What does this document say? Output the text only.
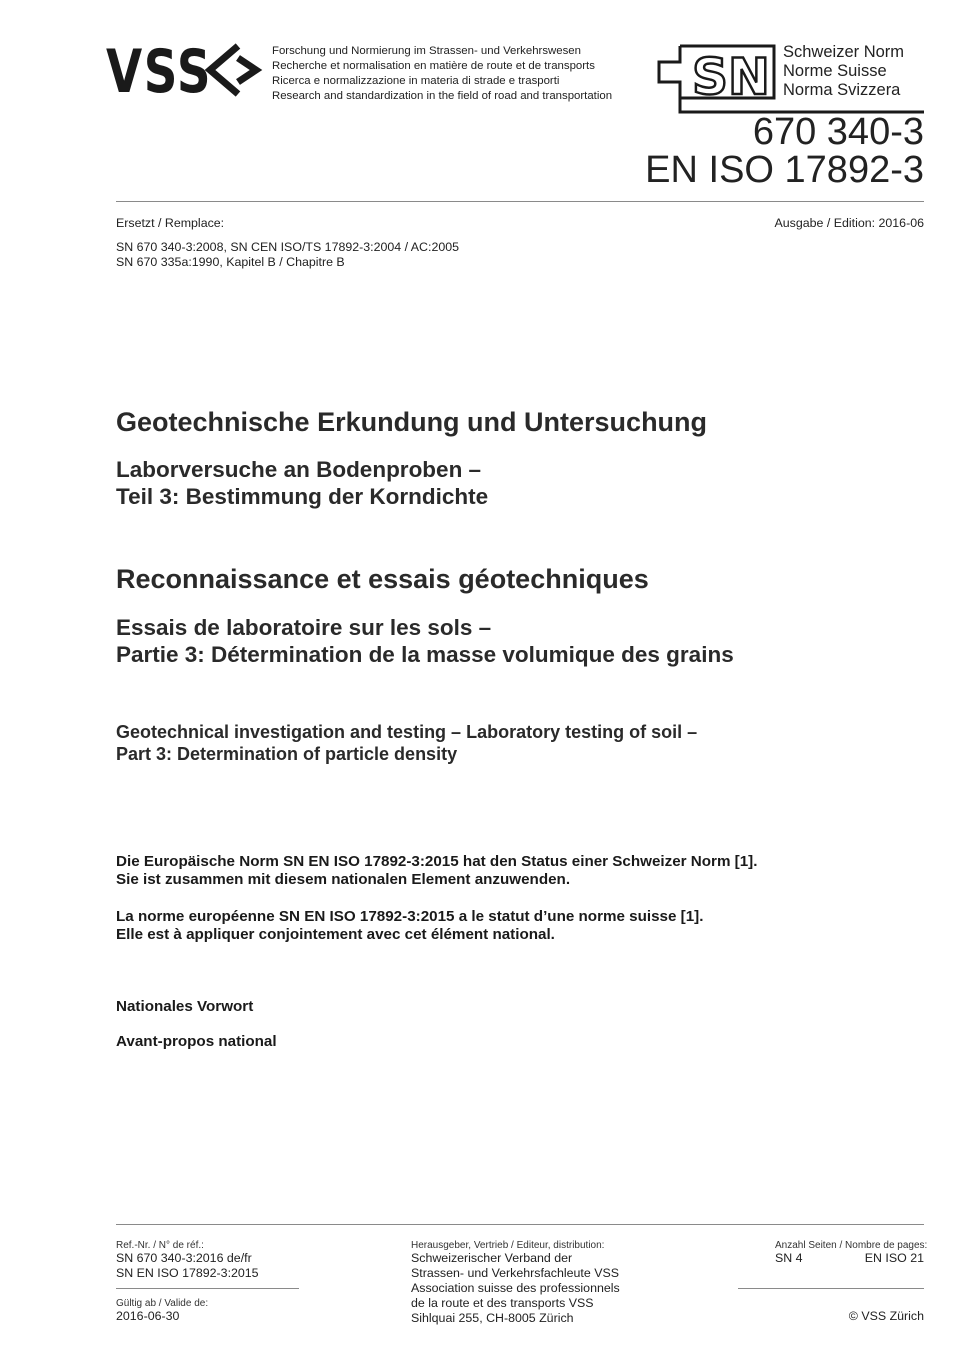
VSS	Forschung und Normierung im Strassen- und Verkehrswesen
Recherche et normalisation en matière de route et de transports
Ricerca e normalizzazione in materia di strade e trasporti
Research and standardization in the field of road and transportation SN Schweizer Norm
Norme Suisse
Norma Svizzera
670 340-3
EN ISO 17892-3
Ersetzt / Remplace:	Ausgabe / Edition: 2016-06
SN 670 340-3:2008, SN CEN ISO/TS 17892-3:2004 / AC:2005
SN 670 335a:1990, Kapitel B / Chapitre B
Geotechnische Erkundung und Untersuchung
Laborversuche an Bodenproben –
Teil 3: Bestimmung der Korndichte
Reconnaissance et essais géotechniques
Essais de laboratoire sur les sols –
Partie 3: Détermination de la masse volumique des grains
Geotechnical investigation and testing – Laboratory testing of soil –
Part 3: Determination of particle density
Die Europäische Norm SN EN ISO 17892-3:2015 hat den Status einer Schweizer Norm [1].
Sie ist zusammen mit diesem nationalen Element anzuwenden.
La norme européenne SN EN ISO 17892-3:2015 a le statut d’une norme suisse [1].
Elle est à appliquer conjointement avec cet élément national.
Nationales Vorwort
Avant-propos national
Ref.-Nr. / N° de réf.:
SN 670 340-3:2016 de/fr
SN EN ISO 17892-3:2015
Gültig ab / Valide de:
2016-06-30
Herausgeber, Vertrieb / Editeur, distribution:
Schweizerischer Verband der
Strassen- und Verkehrsfachleute VSS
Association suisse des professionnels
de la route et des transports VSS
Sihlquai 255, CH-8005 Zürich
Anzahl Seiten / Nombre de pages:
SN 4	EN ISO 21
© VSS Zürich
